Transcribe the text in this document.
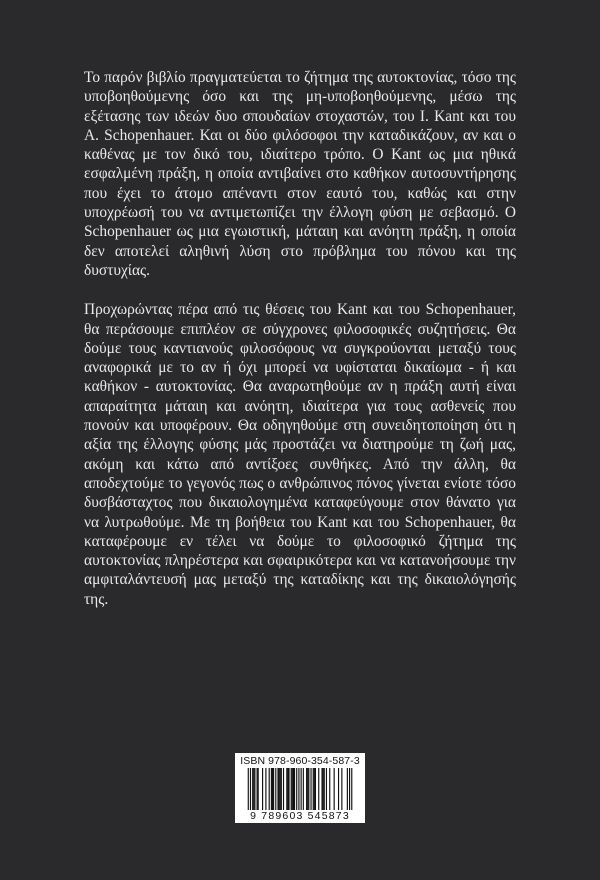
Το παρόν βιβλίο πραγματεύεται το ζήτημα της αυτοκτονίας, τόσο της υποβοηθούμενης όσο και της μη-υποβοηθούμενης, μέσω της εξέτασης των ιδεών δυο σπουδαίων στοχαστών, του I. Kant και του A. Schopenhauer. Και οι δύο φιλόσοφοι την καταδικάζουν, αν και ο καθένας με τον δικό του, ιδιαίτερο τρόπο. Ο Kant ως μια ηθικά εσφαλμένη πράξη, η οποία αντιβαίνει στο καθήκον αυτοσυντήρησης που έχει το άτομο απέναντι στον εαυτό του, καθώς και στην υποχρέωσή του να αντιμετωπίζει την έλλογη φύση με σεβασμό. Ο Schopenhauer ως μια εγωιστική, μάταιη και ανόητη πράξη, η οποία δεν αποτελεί αληθινή λύση στο πρόβλημα του πόνου και της δυστυχίας.

Προχωρώντας πέρα από τις θέσεις του Kant και του Schopenhauer, θα περάσουμε επιπλέον σε σύγχρονες φιλοσοφικές συζητήσεις. Θα δούμε τους καντιανούς φιλοσόφους να συγκρούονται μεταξύ τους αναφορικά με το αν ή όχι μπορεί να υφίσταται δικαίωμα - ή και καθήκον - αυτοκτονίας. Θα αναρωτηθούμε αν η πράξη αυτή είναι απαραίτητα μάταιη και ανόητη, ιδιαίτερα για τους ασθενείς που πονούν και υποφέρουν. Θα οδηγηθούμε στη συνειδητοποίηση ότι η αξία της έλλογης φύσης μάς προστάζει να διατηρούμε τη ζωή μας, ακόμη και κάτω από αντίξοες συνθήκες. Από την άλλη, θα αποδεχτούμε το γεγονός πως ο ανθρώπινος πόνος γίνεται ενίοτε τόσο δυσβάσταχτος που δικαιολογημένα καταφεύγουμε στον θάνατο για να λυτρωθούμε. Με τη βοήθεια του Kant και του Schopenhauer, θα καταφέρουμε εν τέλει να δούμε το φιλοσοφικό ζήτημα της αυτοκτονίας πληρέστερα και σφαιρικότερα και να κατανοήσουμε την αμφιταλάντευσή μας μεταξύ της καταδίκης και της δικαιολόγησής της.

ISBN 978-960-354-587-3
9 789603 545873
